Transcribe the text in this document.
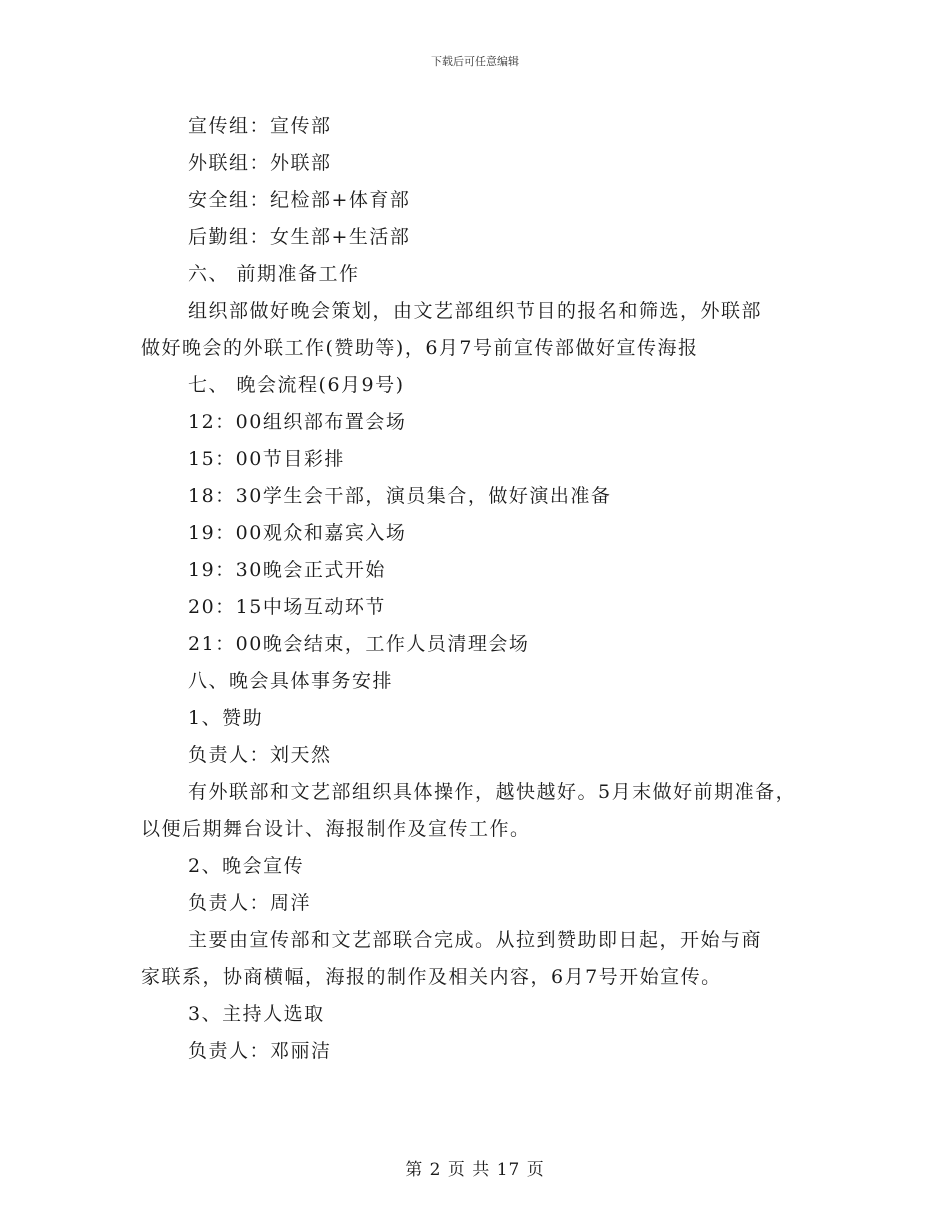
下载后可任意编辑
宣传组：宣传部
外联组：外联部
安全组：纪检部+体育部
后勤组：女生部+生活部
六、 前期准备工作
组织部做好晚会策划，由文艺部组织节目的报名和筛选，外联部
做好晚会的外联工作(赞助等)，6月7号前宣传部做好宣传海报
七、 晚会流程(6月9号)
12：00组织部布置会场
15：00节目彩排
18：30学生会干部，演员集合，做好演出准备
19：00观众和嘉宾入场
19：30晚会正式开始
20：15中场互动环节
21：00晚会结束，工作人员清理会场
八、晚会具体事务安排
1、赞助
负责人：刘天然
有外联部和文艺部组织具体操作，越快越好。5月末做好前期准备，
以便后期舞台设计、海报制作及宣传工作。
2、晚会宣传
负责人：周洋
主要由宣传部和文艺部联合完成。从拉到赞助即日起，开始与商
家联系，协商横幅，海报的制作及相关内容，6月7号开始宣传。
3、主持人选取
负责人：邓丽洁
第 2 页 共 17 页
